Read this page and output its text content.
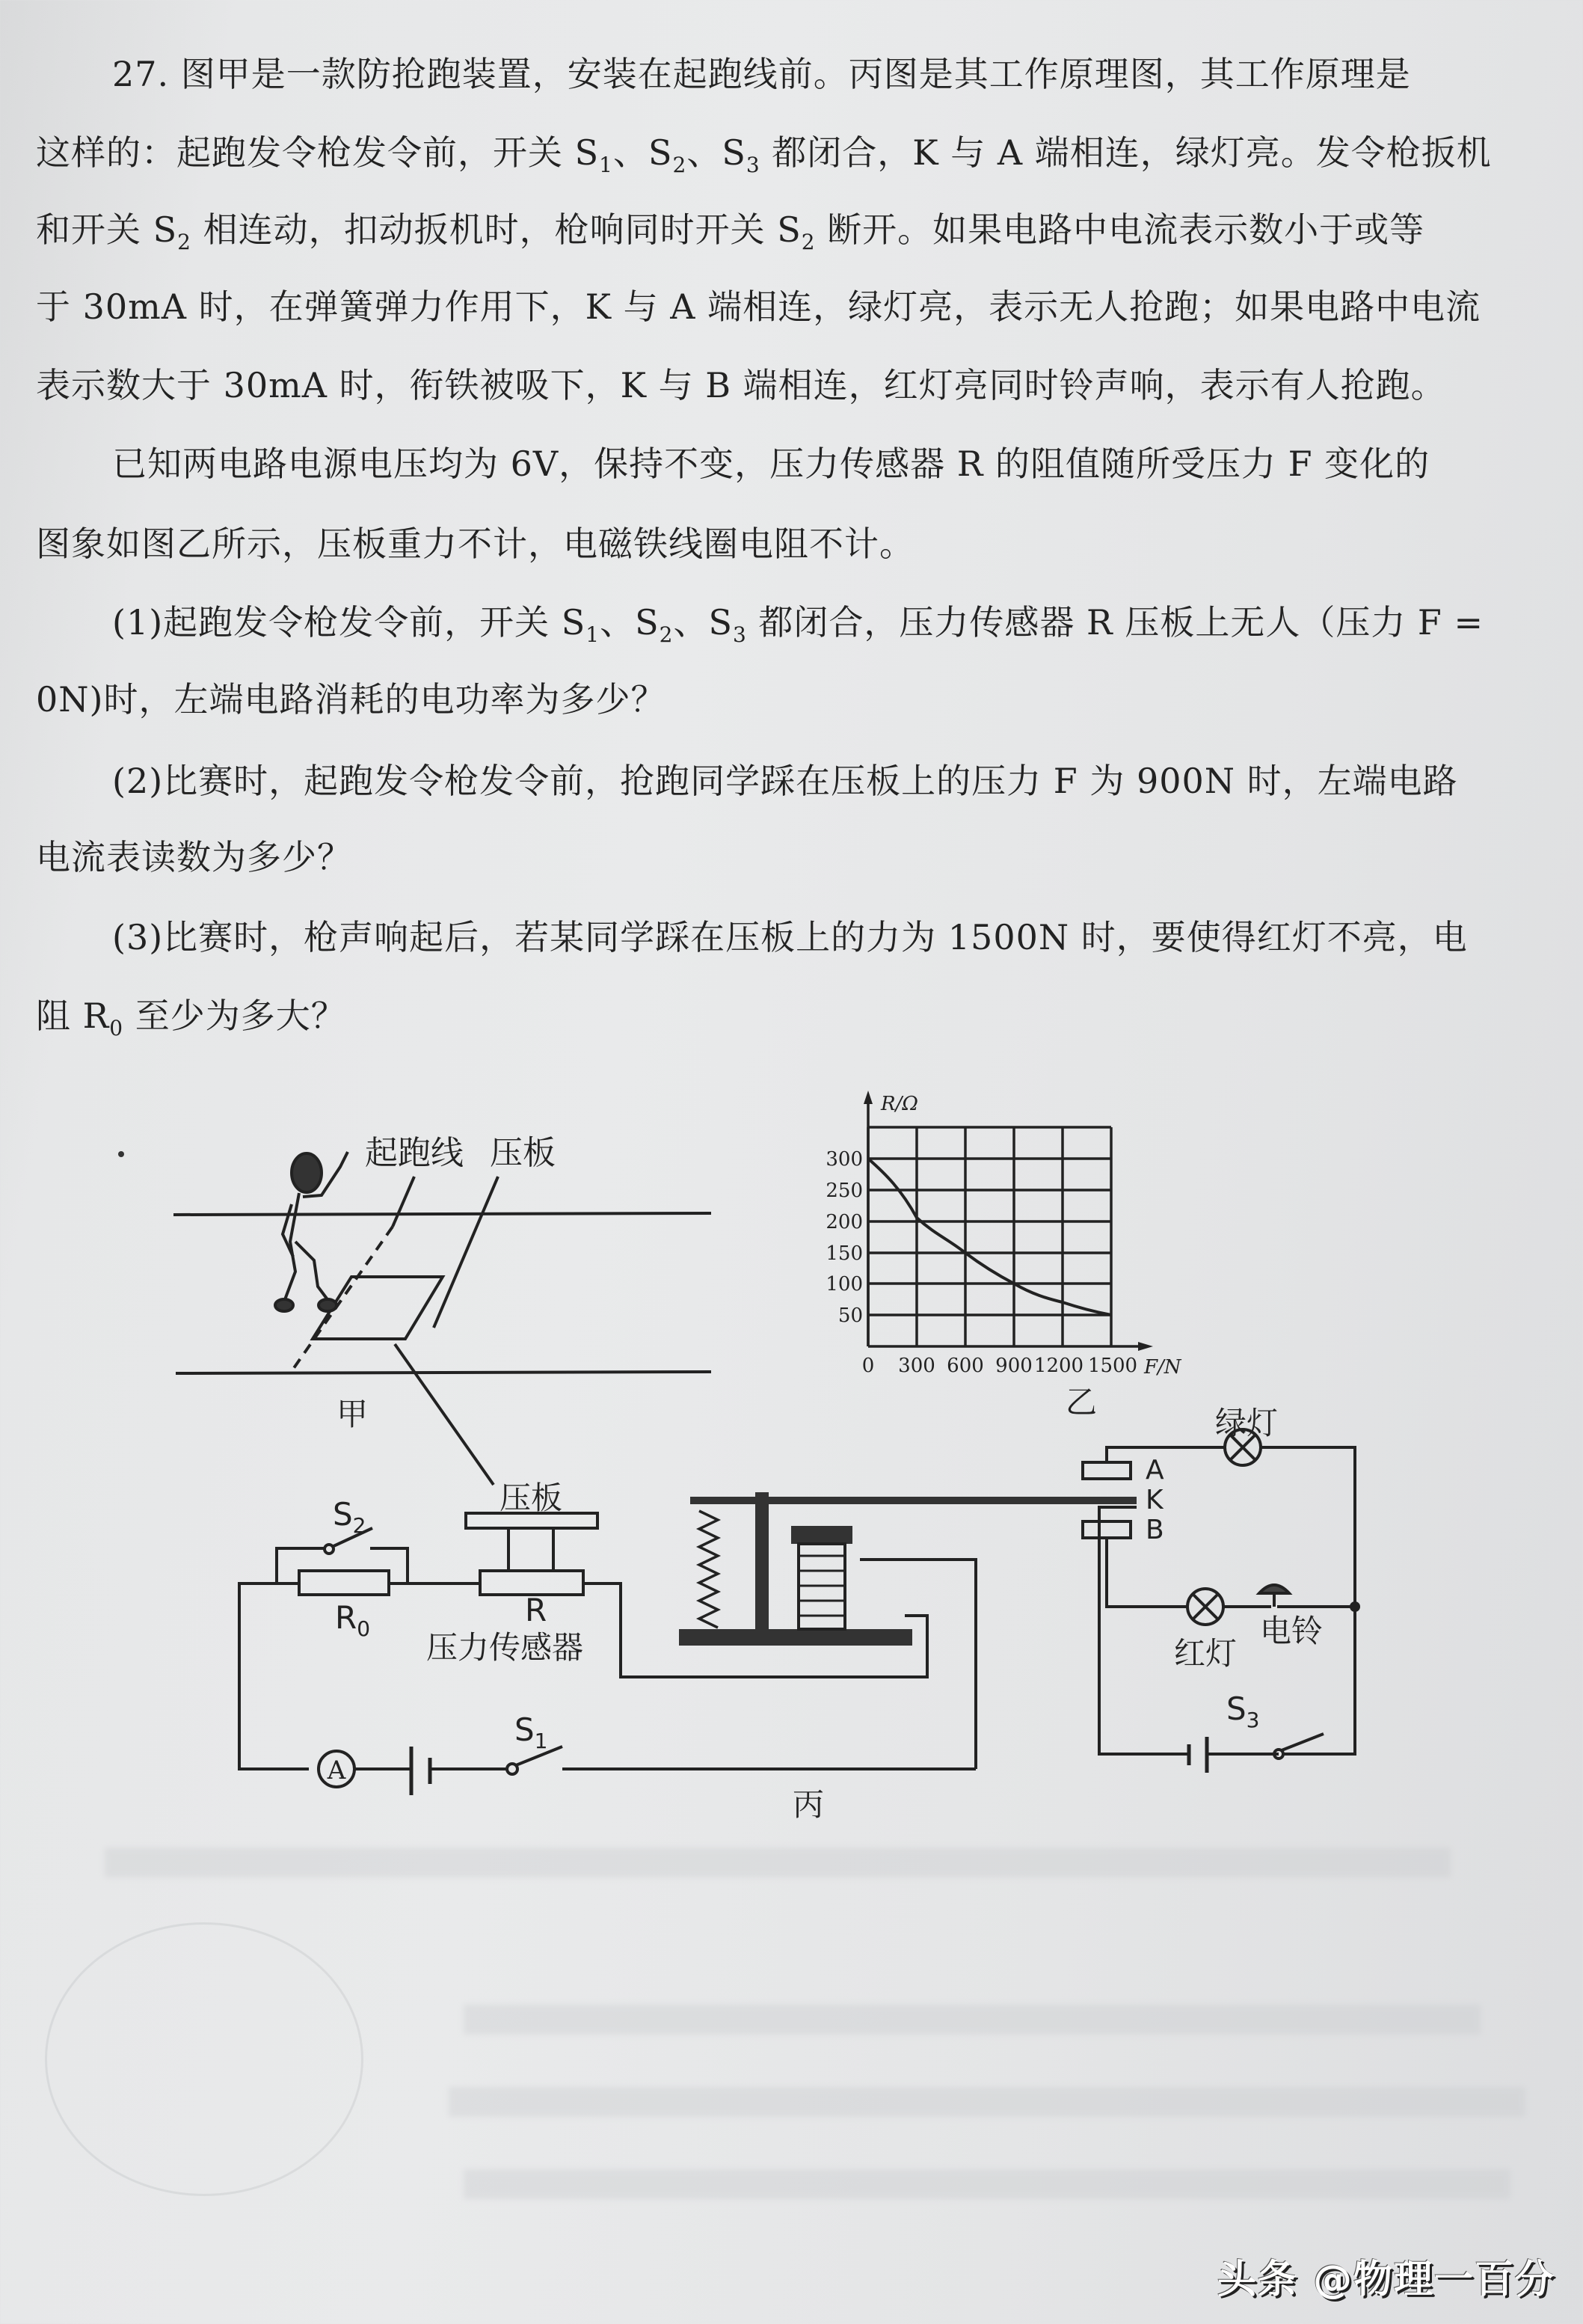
27. 图甲是一款防抢跑装置，安装在起跑线前。丙图是其工作原理图，其工作原理是
这样的：起跑发令枪发令前，开关 $S_1$、$S_2$、$S_3$ 都闭合，K 与 A 端相连，绿灯亮。发令枪扳机
和开关 $S_2$ 相连动，扣动扳机时，枪响同时开关 $S_2$ 断开。如果电路中电流表示数小于或等
于 30mA 时，在弹簧弹力作用下，K 与 A 端相连，绿灯亮，表示无人抢跑；如果电路中电流
表示数大于 30mA 时，衔铁被吸下，K 与 B 端相连，红灯亮同时铃声响，表示有人抢跑。
已知两电路电源电压均为 6V，保持不变，压力传感器 R 的阻值随所受压力 F 变化的
图象如图乙所示，压板重力不计，电磁铁线圈电阻不计。
(1)起跑发令枪发令前，开关 $S_1$、$S_2$、$S_3$ 都闭合，压力传感器 R 压板上无人（压力 F =
0N)时，左端电路消耗的电功率为多少？
(2)比赛时，起跑发令枪发令前，抢跑同学踩在压板上的压力 F 为 900N 时，左端电路
电流表读数为多少？
(3)比赛时，枪声响起后，若某同学踩在压板上的力为 1500N 时，要使得红灯不亮，电
阻 $R_0$ 至少为多大？
起跑线 压板
甲
300
250
200
150
100
50
0 300 600 900 1200 1500
R/Ω
F/N
乙
A
压板
$S_2$
$R_0$
R
压力传感器
$S_1$
丙
绿灯
A
K
B
红灯
电铃
$S_3$
头条 @物理一百分
